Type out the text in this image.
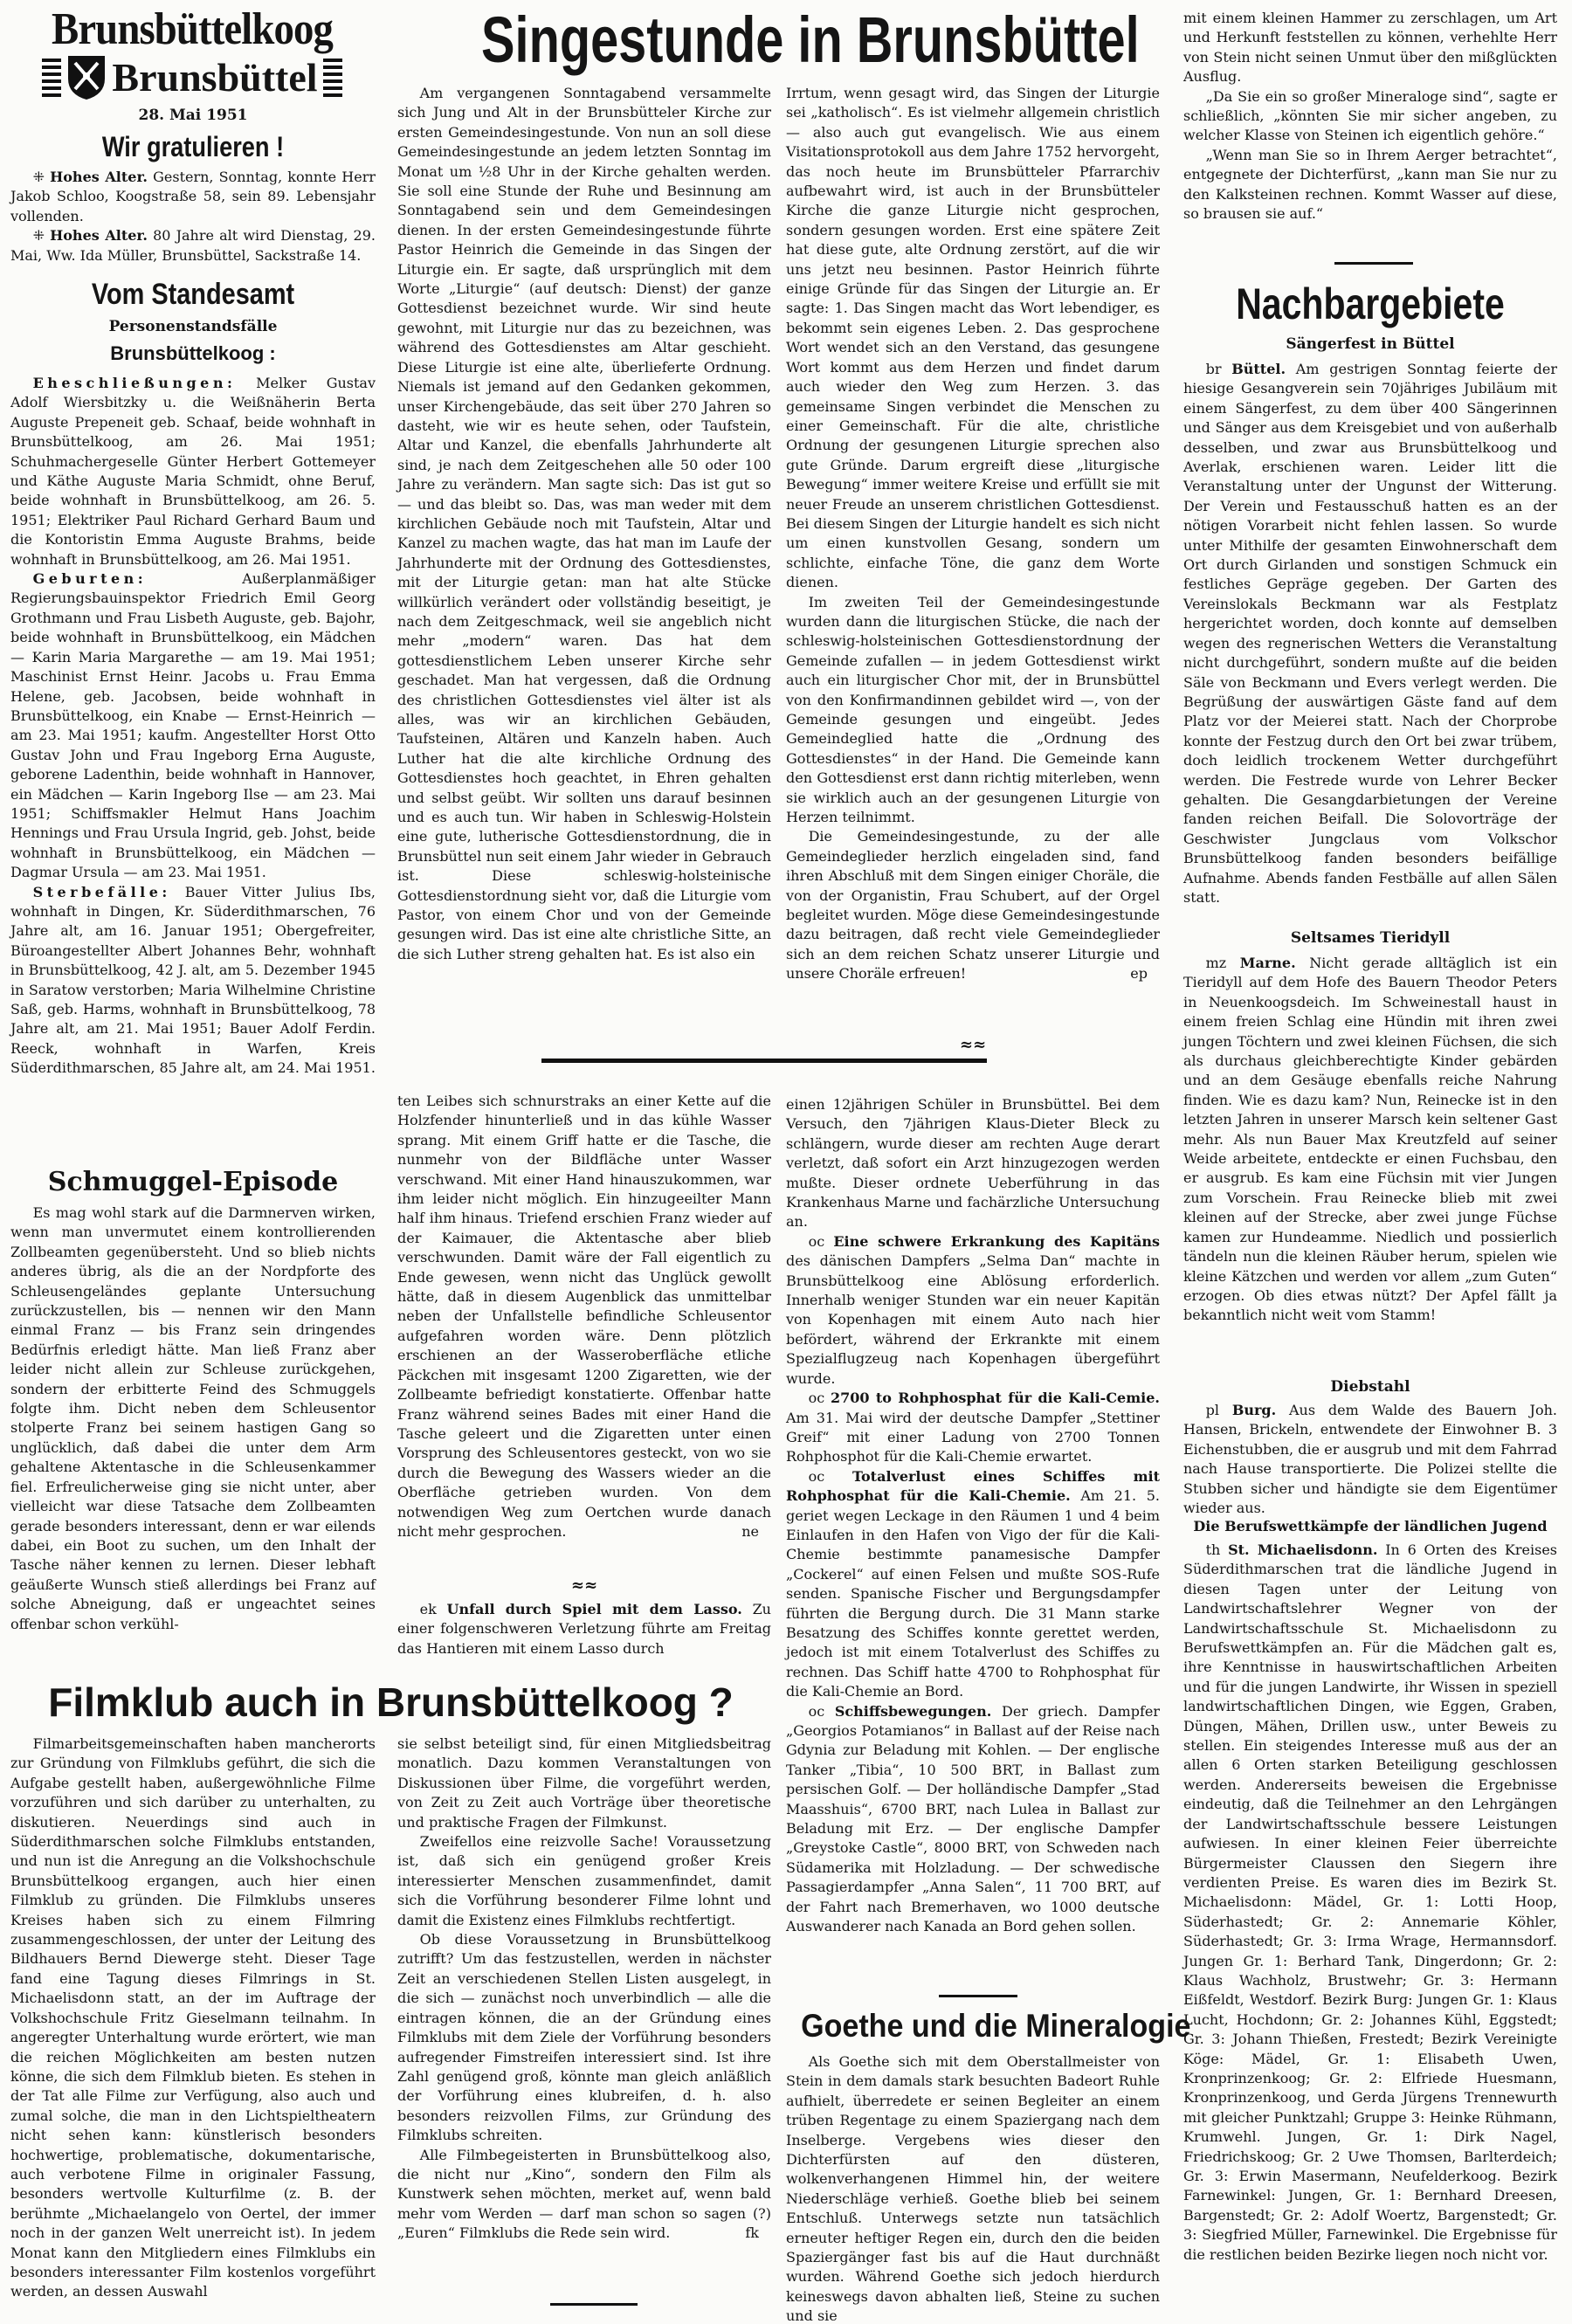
Brunsbüttelkoog
Brunsbüttel
28. Mai 1951
Wir gratulieren !

⁜ Hohes Alter. Gestern, Sonntag, konnte Herr Jakob Schloo, Koogstraße 58, sein 89. Lebensjahr vollenden.

⁜ Hohes Alter. 80 Jahre alt wird Dienstag, 29. Mai, Ww. Ida Müller, Brunsbüttel, Sackstraße 14.

Vom Standesamt
Personenstandsfälle
Brunsbüttelkoog :

Eheschließungen: Melker Gustav Adolf Wiersbitzky u. die Weißnäherin Berta Auguste Prepeneit geb. Schaaf, beide wohnhaft in Brunsbüttelkoog, am 26. Mai 1951; Schuhmachergeselle Günter Herbert Gottemeyer und Käthe Auguste Maria Schmidt, ohne Beruf, beide wohnhaft in Brunsbüttelkoog, am 26. 5. 1951; Elektriker Paul Richard Gerhard Baum und die Kontoristin Emma Auguste Brahms, beide wohnhaft in Brunsbüttelkoog, am 26. Mai 1951.

Geburten: Außerplanmäßiger Regierungsbauinspektor Friedrich Emil Georg Grothmann und Frau Lisbeth Auguste, geb. Bajohr, beide wohnhaft in Brunsbüttelkoog, ein Mädchen — Karin Maria Margarethe — am 19. Mai 1951; Maschinist Ernst Heinr. Jacobs u. Frau Emma Helene, geb. Jacobsen, beide wohnhaft in Brunsbüttelkoog, ein Knabe — Ernst-Heinrich — am 23. Mai 1951; kaufm. Angestellter Horst Otto Gustav John und Frau Ingeborg Erna Auguste, geborene Ladenthin, beide wohnhaft in Hannover, ein Mädchen — Karin Ingeborg Ilse — am 23. Mai 1951; Schiffsmakler Helmut Hans Joachim Hennings und Frau Ursula Ingrid, geb. Johst, beide wohnhaft in Brunsbüttelkoog, ein Mädchen — Dagmar Ursula — am 23. Mai 1951.

Sterbefälle: Bauer Vitter Julius Ibs, wohnhaft in Dingen, Kr. Süderdithmarschen, 76 Jahre alt, am 16. Januar 1951; Obergefreiter, Büroangestellter Albert Johannes Behr, wohnhaft in Brunsbüttelkoog, 42 J. alt, am 5. Dezember 1945 in Saratow verstorben; Maria Wilhelmine Christine Saß, geb. Harms, wohnhaft in Brunsbüttelkoog, 78 Jahre alt, am 21. Mai 1951; Bauer Adolf Ferdin. Reeck, wohnhaft in Warfen, Kreis Süderdithmarschen, 85 Jahre alt, am 24. Mai 1951.

Schmuggel-Episode

Es mag wohl stark auf die Darmnerven wirken, wenn man unvermutet einem kontrollierenden Zollbeamten gegenübersteht. Und so blieb nichts anderes übrig, als die an der Nordpforte des Schleusengeländes geplante Untersuchung zurückzustellen, bis — nennen wir den Mann einmal Franz — bis Franz sein dringendes Bedürfnis erledigt hätte. Man ließ Franz aber leider nicht allein zur Schleuse zurückgehen, sondern der erbitterte Feind des Schmuggels folgte ihm. Dicht neben dem Schleusentor stolperte Franz bei seinem hastigen Gang so unglücklich, daß dabei die unter dem Arm gehaltene Aktentasche in die Schleusenkammer fiel. Erfreulicherweise ging sie nicht unter, aber vielleicht war diese Tatsache dem Zollbeamten gerade besonders interessant, denn er war eilends dabei, ein Boot zu suchen, um den Inhalt der Tasche näher kennen zu lernen. Dieser lebhaft geäußerte Wunsch stieß allerdings bei Franz auf solche Abneigung, daß er ungeachtet seines offenbar schon verkühl-

Singestunde in Brunsbüttel

Am vergangenen Sonntagabend versammelte sich Jung und Alt in der Brunsbütteler Kirche zur ersten Gemeindesingestunde. Von nun an soll diese Gemeindesingestunde an jedem letzten Sonntag im Monat um ½8 Uhr in der Kirche gehalten werden. Sie soll eine Stunde der Ruhe und Besinnung am Sonntagabend sein und dem Gemeindesingen dienen. In der ersten Gemeindesingestunde führte Pastor Heinrich die Gemeinde in das Singen der Liturgie ein. Er sagte, daß ursprünglich mit dem Worte „Liturgie“ (auf deutsch: Dienst) der ganze Gottesdienst bezeichnet wurde. Wir sind heute gewohnt, mit Liturgie nur das zu bezeichnen, was während des Gottesdienstes am Altar geschieht. Diese Liturgie ist eine alte, überlieferte Ordnung. Niemals ist jemand auf den Gedanken gekommen, unser Kirchengebäude, das seit über 270 Jahren so dasteht, wie wir es heute sehen, oder Taufstein, Altar und Kanzel, die ebenfalls Jahrhunderte alt sind, je nach dem Zeitgeschehen alle 50 oder 100 Jahre zu verändern. Man sagte sich: Das ist gut so — und das bleibt so. Das, was man weder mit dem kirchlichen Gebäude noch mit Taufstein, Altar und Kanzel zu machen wagte, das hat man im Laufe der Jahrhunderte mit der Ordnung des Gottesdienstes, mit der Liturgie getan: man hat alte Stücke willkürlich verändert oder vollständig beseitigt, je nach dem Zeitgeschmack, weil sie angeblich nicht mehr „modern“ waren. Das hat dem gottesdienstlichem Leben unserer Kirche sehr geschadet. Man hat vergessen, daß die Ordnung des christlichen Gottesdienstes viel älter ist als alles, was wir an kirchlichen Gebäuden, Taufsteinen, Altären und Kanzeln haben. Auch Luther hat die alte kirchliche Ordnung des Gottesdienstes hoch geachtet, in Ehren gehalten und selbst geübt. Wir sollten uns darauf besinnen und es auch tun. Wir haben in Schleswig-Holstein eine gute, lutherische Gottesdienstordnung, die in Brunsbüttel nun seit einem Jahr wieder in Gebrauch ist. Diese schleswig-holsteinische Gottesdienstordnung sieht vor, daß die Liturgie vom Pastor, von einem Chor und von der Gemeinde gesungen wird. Das ist eine alte christliche Sitte, an die sich Luther streng gehalten hat. Es ist also ein

Irrtum, wenn gesagt wird, das Singen der Liturgie sei „katholisch“. Es ist vielmehr allgemein christlich — also auch gut evangelisch. Wie aus einem Visitationsprotokoll aus dem Jahre 1752 hervorgeht, das noch heute im Brunsbütteler Pfarrarchiv aufbewahrt wird, ist auch in der Brunsbütteler Kirche die ganze Liturgie nicht gesprochen, sondern gesungen worden. Erst eine spätere Zeit hat diese gute, alte Ordnung zerstört, auf die wir uns jetzt neu besinnen. Pastor Heinrich führte einige Gründe für das Singen der Liturgie an. Er sagte: 1. Das Singen macht das Wort lebendiger, es bekommt sein eigenes Leben. 2. Das gesprochene Wort wendet sich an den Verstand, das gesungene Wort kommt aus dem Herzen und findet darum auch wieder den Weg zum Herzen. 3. das gemeinsame Singen verbindet die Menschen zu einer Gemeinschaft. Für die alte, christliche Ordnung der gesungenen Liturgie sprechen also gute Gründe. Darum ergreift diese „liturgische Bewegung“ immer weitere Kreise und erfüllt sie mit neuer Freude an unserem christlichen Gottesdienst. Bei diesem Singen der Liturgie handelt es sich nicht um einen kunstvollen Gesang, sondern um schlichte, einfache Töne, die ganz dem Worte dienen.

Im zweiten Teil der Gemeindesingestunde wurden dann die liturgischen Stücke, die nach der schleswig-holsteinischen Gottesdienstordnung der Gemeinde zufallen — in jedem Gottesdienst wirkt auch ein liturgischer Chor mit, der in Brunsbüttel von den Konfirmandinnen gebildet wird —, von der Gemeinde gesungen und eingeübt. Jedes Gemeindeglied hatte die „Ordnung des Gottesdienstes“ in der Hand. Die Gemeinde kann den Gottesdienst erst dann richtig miterleben, wenn sie wirklich auch an der gesungenen Liturgie von Herzen teilnimmt.

Die Gemeindesingestunde, zu der alle Gemeindeglieder herzlich eingeladen sind, fand ihren Abschluß mit dem Singen einiger Choräle, die von der Organistin, Frau Schubert, auf der Orgel begleitet wurden. Möge diese Gemeindesingestunde dazu beitragen, daß recht viele Gemeindeglieder sich an dem reichen Schatz unserer Liturgie und unsere Choräle erfreuen!	ep

≈≈

ten Leibes sich schnurstraks an einer Kette auf die Holzfender hinunterließ und in das kühle Wasser sprang. Mit einem Griff hatte er die Tasche, die nunmehr von der Bildfläche unter Wasser verschwand. Mit einer Hand hinauszukommen, war ihm leider nicht möglich. Ein hinzugeeilter Mann half ihm hinaus. Triefend erschien Franz wieder auf der Kaimauer, die Aktentasche aber blieb verschwunden. Damit wäre der Fall eigentlich zu Ende gewesen, wenn nicht das Unglück gewollt hätte, daß in diesem Augenblick das unmittelbar neben der Unfallstelle befindliche Schleusentor aufgefahren worden wäre. Denn plötzlich erschienen an der Wasseroberfläche etliche Päckchen mit insgesamt 1200 Zigaretten, wie der Zollbeamte befriedigt konstatierte. Offenbar hatte Franz während seines Bades mit einer Hand die Tasche geleert und die Zigaretten unter einen Vorsprung des Schleusentores gesteckt, von wo sie durch die Bewegung des Wassers wieder an die Oberfläche getrieben wurden. Von dem notwendigen Weg zum Oertchen wurde danach nicht mehr gesprochen.	ne

≈≈

ek Unfall durch Spiel mit dem Lasso. Zu einer folgenschweren Verletzung führte am Freitag das Hantieren mit einem Lasso durch

Filmklub auch in Brunsbüttelkoog ?

Filmarbeitsgemeinschaften haben mancherorts zur Gründung von Filmklubs geführt, die sich die Aufgabe gestellt haben, außergewöhnliche Filme vorzuführen und sich darüber zu unterhalten, zu diskutieren. Neuerdings sind auch in Süderdithmarschen solche Filmklubs entstanden, und nun ist die Anregung an die Volkshochschule Brunsbüttelkoog ergangen, auch hier einen Filmklub zu gründen. Die Filmklubs unseres Kreises haben sich zu einem Filmring zusammengeschlossen, der unter der Leitung des Bildhauers Bernd Diewerge steht. Dieser Tage fand eine Tagung dieses Filmrings in St. Michaelisdonn statt, an der im Auftrage der Volkshochschule Fritz Gieselmann teilnahm. In angeregter Unterhaltung wurde erörtert, wie man die reichen Möglichkeiten am besten nutzen könne, die sich dem Filmklub bieten. Es stehen in der Tat alle Filme zur Verfügung, also auch und zumal solche, die man in den Lichtspieltheatern nicht sehen kann: künstlerisch besonders hochwertige, problematische, dokumentarische, auch verbotene Filme in originaler Fassung, besonders wertvolle Kulturfilme (z. B. der berühmte „Michaelangelo von Oertel, der immer noch in der ganzen Welt unerreicht ist). In jedem Monat kann den Mitgliedern eines Filmklubs ein besonders interessanter Film kostenlos vorgeführt werden, an dessen Auswahl

sie selbst beteiligt sind, für einen Mitgliedsbeitrag monatlich. Dazu kommen Veranstaltungen von Diskussionen über Filme, die vorgeführt werden, von Zeit zu Zeit auch Vorträge über theoretische und praktische Fragen der Filmkunst.

Zweifellos eine reizvolle Sache! Voraussetzung ist, daß sich ein genügend großer Kreis interessierter Menschen zusammenfindet, damit sich die Vorführung besonderer Filme lohnt und damit die Existenz eines Filmklubs rechtfertigt.

Ob diese Voraussetzung in Brunsbüttelkoog zutrifft? Um das festzustellen, werden in nächster Zeit an verschiedenen Stellen Listen ausgelegt, in die sich — zunächst noch unverbindlich — alle die eintragen können, die an der Gründung eines Filmklubs mit dem Ziele der Vorführung besonders aufregender Fimstreifen interessiert sind. Ist ihre Zahl genügend groß, könnte man gleich anläßlich der Vorführung eines klubreifen, d. h. also besonders reizvollen Films, zur Gründung des Filmklubs schreiten.

Alle Filmbegeisterten in Brunsbüttelkoog also, die nicht nur „Kino“, sondern den Film als Kunstwerk sehen möchten, merket auf, wenn bald mehr vom Werden — darf man schon so sagen (?) „Euren“ Filmklubs die Rede sein wird.	fk

einen 12jährigen Schüler in Brunsbüttel. Bei dem Versuch, den 7jährigen Klaus-Dieter Bleck zu schlängern, wurde dieser am rechten Auge derart verletzt, daß sofort ein Arzt hinzugezogen werden mußte. Dieser ordnete Ueberführung in das Krankenhaus Marne und fachärzliche Untersuchung an.

oc Eine schwere Erkrankung des Kapitäns des dänischen Dampfers „Selma Dan“ machte in Brunsbüttelkoog eine Ablösung erforderlich. Innerhalb weniger Stunden war ein neuer Kapitän von Kopenhagen mit einem Auto nach hier befördert, während der Erkrankte mit einem Spezialflugzeug nach Kopenhagen übergeführt wurde.

oc 2700 to Rohphosphat für die Kali-Cemie. Am 31. Mai wird der deutsche Dampfer „Stettiner Greif“ mit einer Ladung von 2700 Tonnen Rohphosphot für die Kali-Chemie erwartet.

oc Totalverlust eines Schiffes mit Rohphosphat für die Kali-Chemie. Am 21. 5. geriet wegen Leckage in den Räumen 1 und 4 beim Einlaufen in den Hafen von Vigo der für die Kali-Chemie bestimmte panamesische Dampfer „Cockerel“ auf einen Felsen und mußte SOS-Rufe senden. Spanische Fischer und Bergungsdampfer führten die Bergung durch. Die 31 Mann starke Besatzung des Schiffes konnte gerettet werden, jedoch ist mit einem Totalverlust des Schiffes zu rechnen. Das Schiff hatte 4700 to Rohphosphat für die Kali-Chemie an Bord.

oc Schiffsbewegungen. Der griech. Dampfer „Georgios Potamianos“ in Ballast auf der Reise nach Gdynia zur Beladung mit Kohlen. — Der englische Tanker „Tibia“, 10 500 BRT, in Ballast zum persischen Golf. — Der holländische Dampfer „Stad Maasshuis“, 6700 BRT, nach Lulea in Ballast zur Beladung mit Erz. — Der englische Dampfer „Greystoke Castle“, 8000 BRT, von Schweden nach Südamerika mit Holzladung. — Der schwedische Passagierdampfer „Anna Salen“, 11 700 BRT, auf der Fahrt nach Bremerhaven, wo 1000 deutsche Auswanderer nach Kanada an Bord gehen sollen.

Goethe und die Mineralogie

Als Goethe sich mit dem Oberstallmeister von Stein in dem damals stark besuchten Badeort Ruhle aufhielt, überredete er seinen Begleiter an einem trüben Regentage zu einem Spaziergang nach dem Inselberge. Vergebens wies dieser den Dichterfürsten auf den düsteren, wolkenverhangenen Himmel hin, der weitere Niederschläge verhieß. Goethe blieb bei seinem Entschluß. Unterwegs setzte nun tatsächlich erneuter heftiger Regen ein, durch den die beiden Spaziergänger fast bis auf die Haut durchnäßt wurden. Während Goethe sich jedoch hierdurch keineswegs davon abhalten ließ, Steine zu suchen und sie

mit einem kleinen Hammer zu zerschlagen, um Art und Herkunft feststellen zu können, verhehlte Herr von Stein nicht seinen Unmut über den mißglückten Ausflug.

„Da Sie ein so großer Mineraloge sind“, sagte er schließlich, „könnten Sie mir sicher angeben, zu welcher Klasse von Steinen ich eigentlich gehöre.“

„Wenn man Sie so in Ihrem Aerger betrachtet“, entgegnete der Dichterfürst, „kann man Sie nur zu den Kalksteinen rechnen. Kommt Wasser auf diese, so brausen sie auf.“

Nachbargebiete
Sängerfest in Büttel

br Büttel. Am gestrigen Sonntag feierte der hiesige Gesangverein sein 70jähriges Jubiläum mit einem Sängerfest, zu dem über 400 Sängerinnen und Sänger aus dem Kreisgebiet und von außerhalb desselben, und zwar aus Brunsbüttelkoog und Averlak, erschienen waren. Leider litt die Veranstaltung unter der Ungunst der Witterung. Der Verein und Festausschuß hatten es an der nötigen Vorarbeit nicht fehlen lassen. So wurde unter Mithilfe der gesamten Einwohnerschaft dem Ort durch Girlanden und sonstigen Schmuck ein festliches Gepräge gegeben. Der Garten des Vereinslokals Beckmann war als Festplatz hergerichtet worden, doch konnte auf demselben wegen des regnerischen Wetters die Veranstaltung nicht durchgeführt, sondern mußte auf die beiden Säle von Beckmann und Evers verlegt werden. Die Begrüßung der auswärtigen Gäste fand auf dem Platz vor der Meierei statt. Nach der Chorprobe konnte der Festzug durch den Ort bei zwar trübem, doch leidlich trockenem Wetter durchgeführt werden. Die Festrede wurde von Lehrer Becker gehalten. Die Gesangdarbietungen der Vereine fanden reichen Beifall. Die Solovorträge der Geschwister Jungclaus vom Volkschor Brunsbüttelkoog fanden besonders beifällige Aufnahme. Abends fanden Festbälle auf allen Sälen statt.

Seltsames Tieridyll

mz Marne. Nicht gerade alltäglich ist ein Tieridyll auf dem Hofe des Bauern Theodor Peters in Neuenkoogsdeich. Im Schweinestall haust in einem freien Schlag eine Hündin mit ihren zwei jungen Töchtern und zwei kleinen Füchsen, die sich als durchaus gleichberechtigte Kinder gebärden und an dem Gesäuge ebenfalls reiche Nahrung finden. Wie es dazu kam? Nun, Reinecke ist in den letzten Jahren in unserer Marsch kein seltener Gast mehr. Als nun Bauer Max Kreutzfeld auf seiner Weide arbeitete, entdeckte er einen Fuchsbau, den er ausgrub. Es kam eine Füchsin mit vier Jungen zum Vorschein. Frau Reinecke blieb mit zwei kleinen auf der Strecke, aber zwei junge Füchse kamen zur Hundeamme. Niedlich und possierlich tändeln nun die kleinen Räuber herum, spielen wie kleine Kätzchen und werden vor allem „zum Guten“ erzogen. Ob dies etwas nützt? Der Apfel fällt ja bekanntlich nicht weit vom Stamm!

Diebstahl

pl Burg. Aus dem Walde des Bauern Joh. Hansen, Brickeln, entwendete der Einwohner B. 3 Eichenstubben, die er ausgrub und mit dem Fahrrad nach Hause transportierte. Die Polizei stellte die Stubben sicher und händigte sie dem Eigentümer wieder aus.

Die Berufswettkämpfe der ländlichen Jugend

th St. Michaelisdonn. In 6 Orten des Kreises Süderdithmarschen trat die ländliche Jugend in diesen Tagen unter der Leitung von Landwirtschaftslehrer Wegner von der Landwirtschaftsschule St. Michaelisdonn zu Berufswettkämpfen an. Für die Mädchen galt es, ihre Kenntnisse in hauswirtschaftlichen Arbeiten und für die jungen Landwirte, ihr Wissen in speziell landwirtschaftlichen Dingen, wie Eggen, Graben, Düngen, Mähen, Drillen usw., unter Beweis zu stellen. Ein steigendes Interesse muß aus der an allen 6 Orten starken Beteiligung geschlossen werden. Andererseits beweisen die Ergebnisse eindeutig, daß die Teilnehmer an den Lehrgängen der Landwirtschaftsschule bessere Leistungen aufwiesen. In einer kleinen Feier überreichte Bürgermeister Claussen den Siegern ihre verdienten Preise. Es waren dies im Bezirk St. Michaelisdonn: Mädel, Gr. 1: Lotti Hoop, Süderhastedt; Gr. 2: Annemarie Köhler, Süderhastedt; Gr. 3: Irma Wrage, Hermannsdorf. Jungen Gr. 1: Berhard Tank, Dingerdonn; Gr. 2: Klaus Wachholz, Brustwehr; Gr. 3: Hermann Eißfeldt, Westdorf. Bezirk Burg: Jungen Gr. 1: Klaus Lucht, Hochdonn; Gr. 2: Johannes Kühl, Eggstedt; Gr. 3: Johann Thießen, Frestedt; Bezirk Vereinigte Köge: Mädel, Gr. 1: Elisabeth Uwen, Kronprinzenkoog; Gr. 2: Elfriede Huesmann, Kronprinzenkoog, und Gerda Jürgens Trennewurth mit gleicher Punktzahl; Gruppe 3: Heinke Rühmann, Krumwehl. Jungen, Gr. 1: Dirk Nagel, Friedrichskoog; Gr. 2 Uwe Thomsen, Barlterdeich; Gr. 3: Erwin Masermann, Neufelderkoog. Bezirk Farnewinkel: Jungen, Gr. 1: Bernhard Dreesen, Bargenstedt; Gr. 2: Adolf Woertz, Bargenstedt; Gr. 3: Siegfried Müller, Farnewinkel. Die Ergebnisse für die restlichen beiden Bezirke liegen noch nicht vor.
